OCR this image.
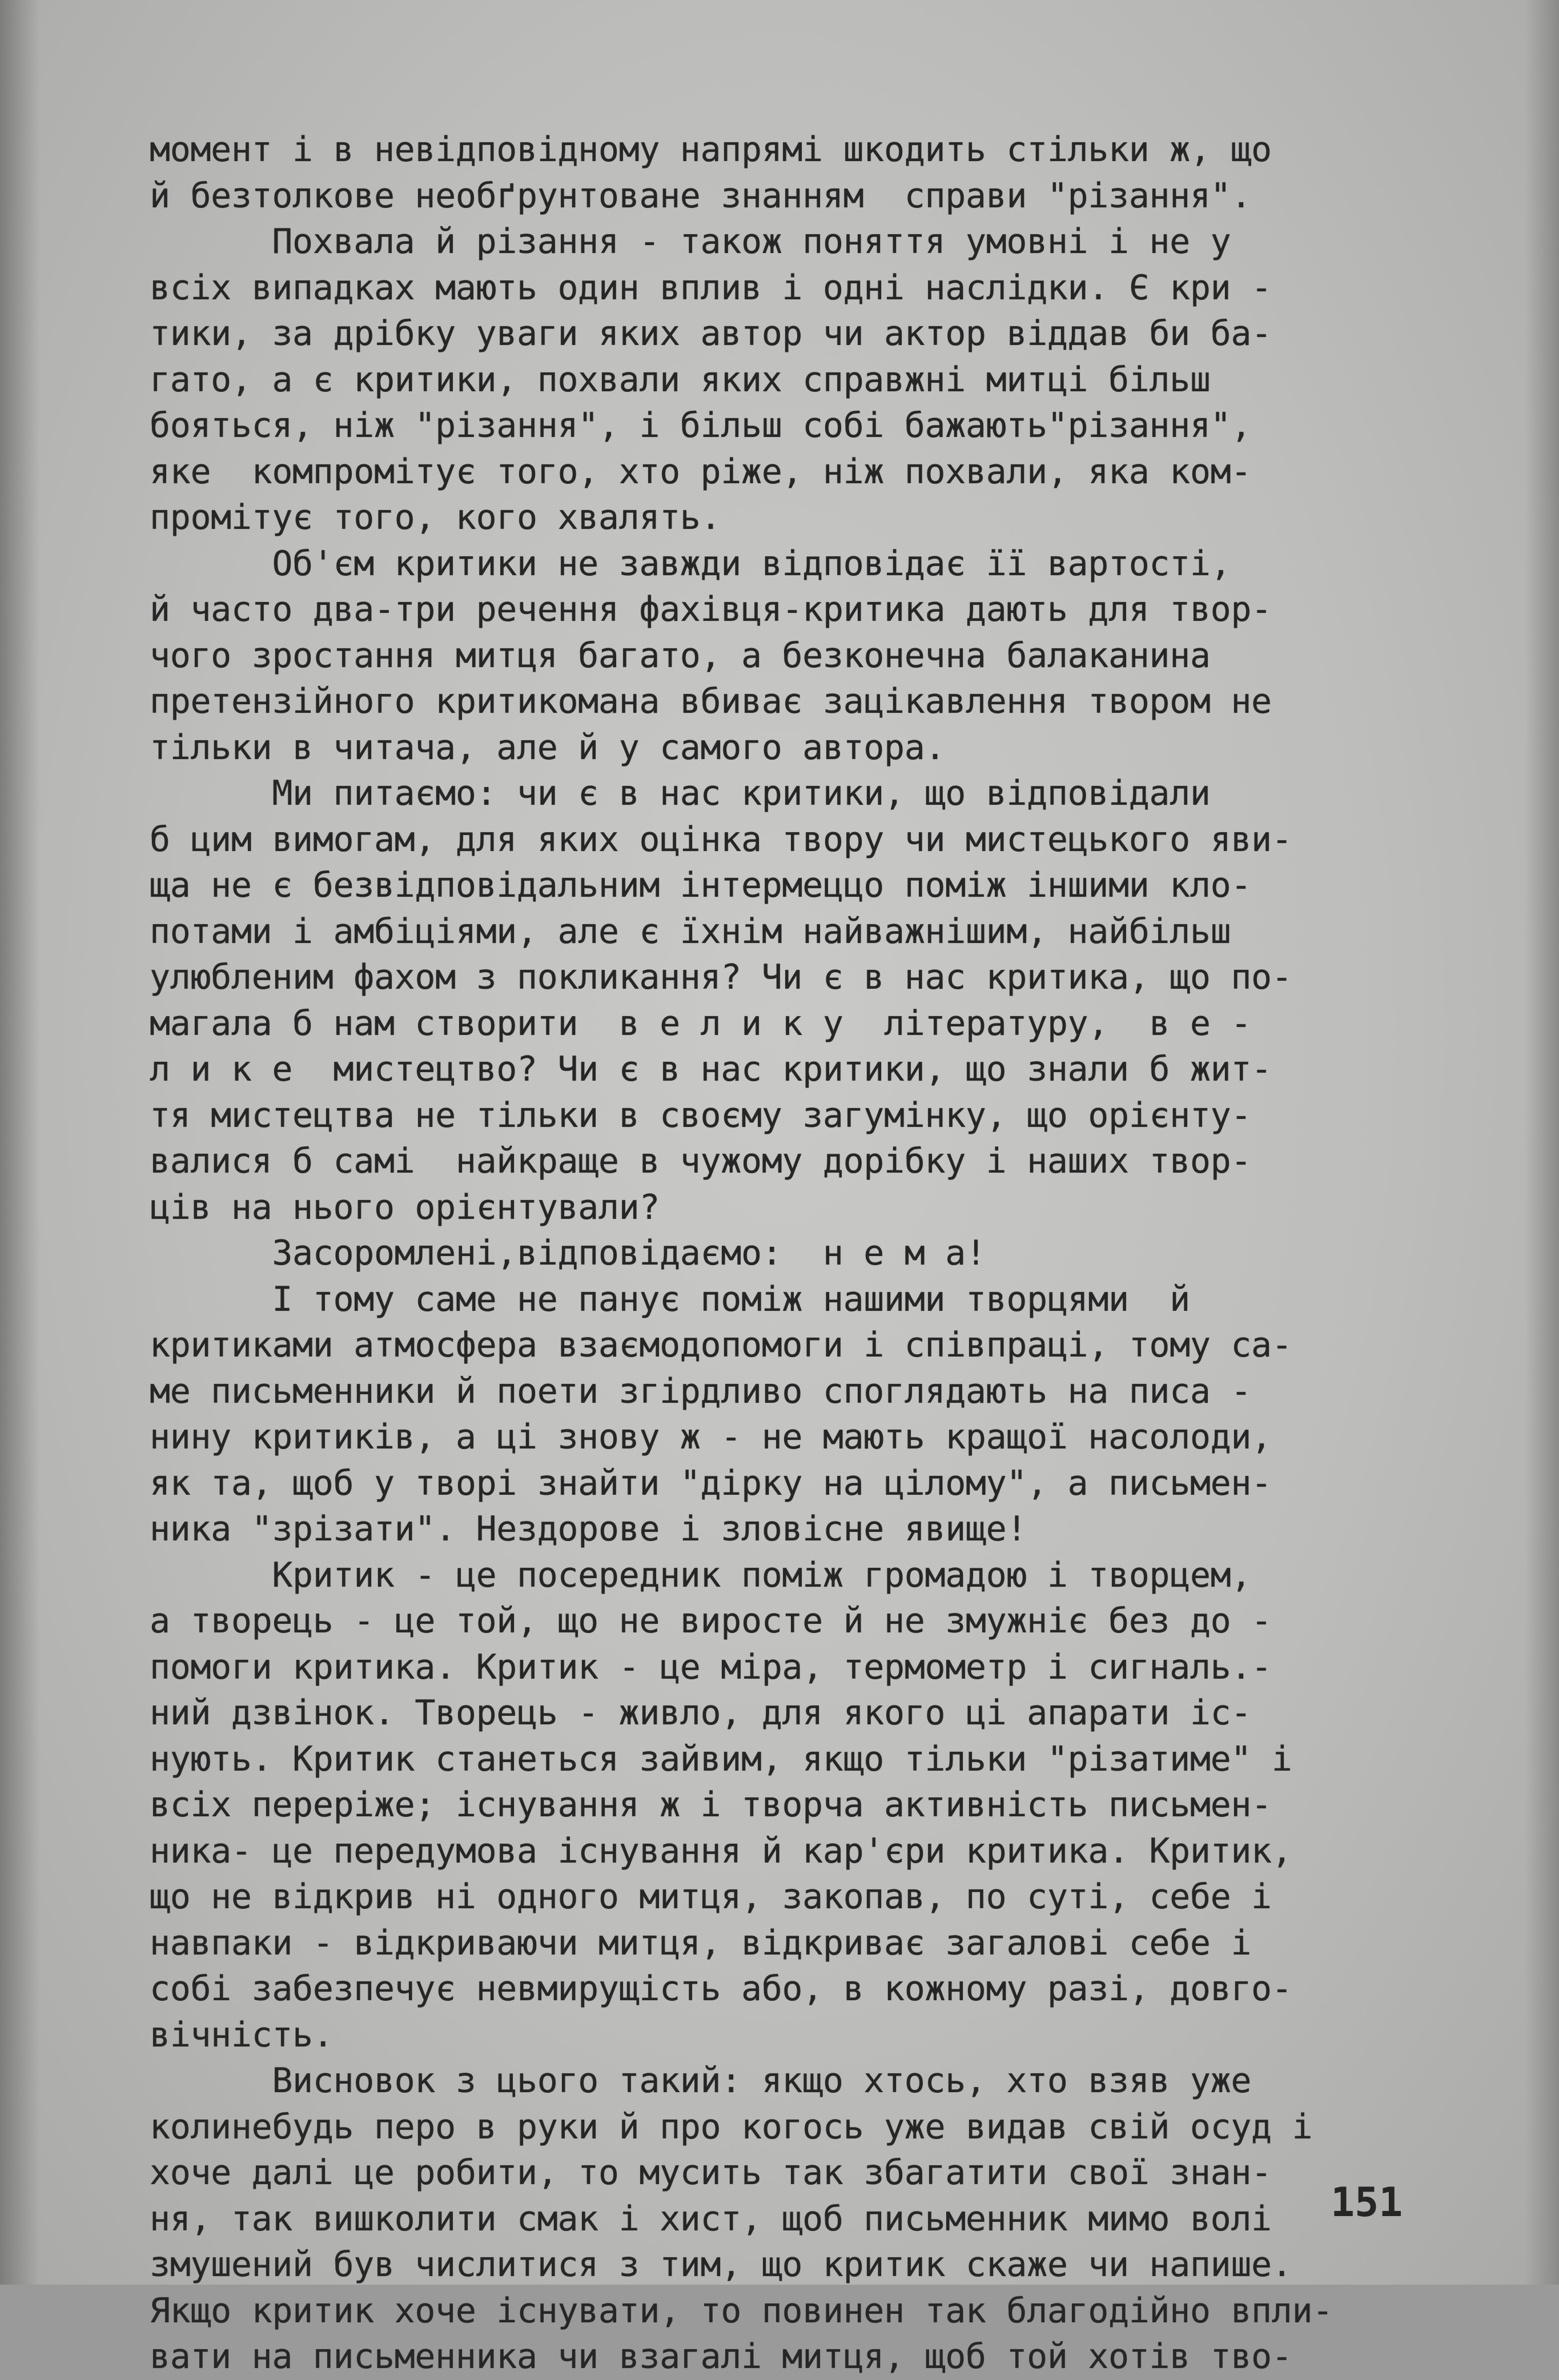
момент і в невідповідному напрямі шкодить стільки ж, що
й безтолкове необґрунтоване знанням  справи "різання".
Похвала й різання - також поняття умовні і не у
всіх випадках мають один вплив і одні наслідки. Є кри -
тики, за дрібку уваги яких автор чи актор віддав би ба-
гато, а є критики, похвали яких справжні митці більш
бояться, ніж "різання", і більш собі бажають"різання",
яке  компромітує того, хто ріже, ніж похвали, яка ком-
промітує того, кого хвалять.
Об'єм критики не завжди відповідає її вартості,
й часто два-три речення фахівця-критика дають для твор-
чого зростання митця багато, а безконечна балаканина
претензійного критикомана вбиває зацікавлення твором не
тільки в читача, але й у самого автора.
Ми питаємо: чи є в нас критики, що відповідали
б цим вимогам, для яких оцінка твору чи мистецького яви-
ща не є безвідповідальним інтермеццо поміж іншими кло-
потами і амбіціями, але є їхнім найважнішим, найбільш
улюбленим фахом з покликання? Чи є в нас критика, що по-
магала б нам створити  в е л и к у  літературу,  в е -
л и к е  мистецтво? Чи є в нас критики, що знали б жит-
тя мистецтва не тільки в своєму загумінку, що орієнту-
валися б самі  найкраще в чужому дорібку і наших твор-
ців на нього орієнтували?
Засоромлені,відповідаємо:  н е м а!
І тому саме не панує поміж нашими творцями  й
критиками атмосфера взаємодопомоги і співпраці, тому са-
ме письменники й поети згірдливо споглядають на писа -
нину критиків, а ці знову ж - не мають кращої насолоди,
як та, щоб у творі знайти "дірку на цілому", а письмен-
ника "зрізати". Нездорове і зловісне явище!
Критик - це посередник поміж громадою і творцем,
а творець - це той, що не виросте й не змужніє без до -
помоги критика. Критик - це міра, термометр і сигналь.-
ний дзвінок. Творець - живло, для якого ці апарати іс-
нують. Критик станеться зайвим, якщо тільки "різатиме" і
всіх переріже; існування ж і творча активність письмен-
ника- це передумова існування й кар'єри критика. Критик,
що не відкрив ні одного митця, закопав, по суті, себе і
навпаки - відкриваючи митця, відкриває загалові себе і
собі забезпечує невмирущість або, в кожному разі, довго-
вічність.
Висновок з цього такий: якщо хтось, хто взяв уже
колинебудь перо в руки й про когось уже видав свій осуд і
хоче далі це робити, то мусить так збагатити свої знан-
ня, так вишколити смак і хист, щоб письменник мимо волі
змушений був числитися з тим, що критик скаже чи напише.
Якщо критик хоче існувати, то повинен так благодійно впли-
вати на письменника чи взагалі митця, щоб той хотів тво-
151
